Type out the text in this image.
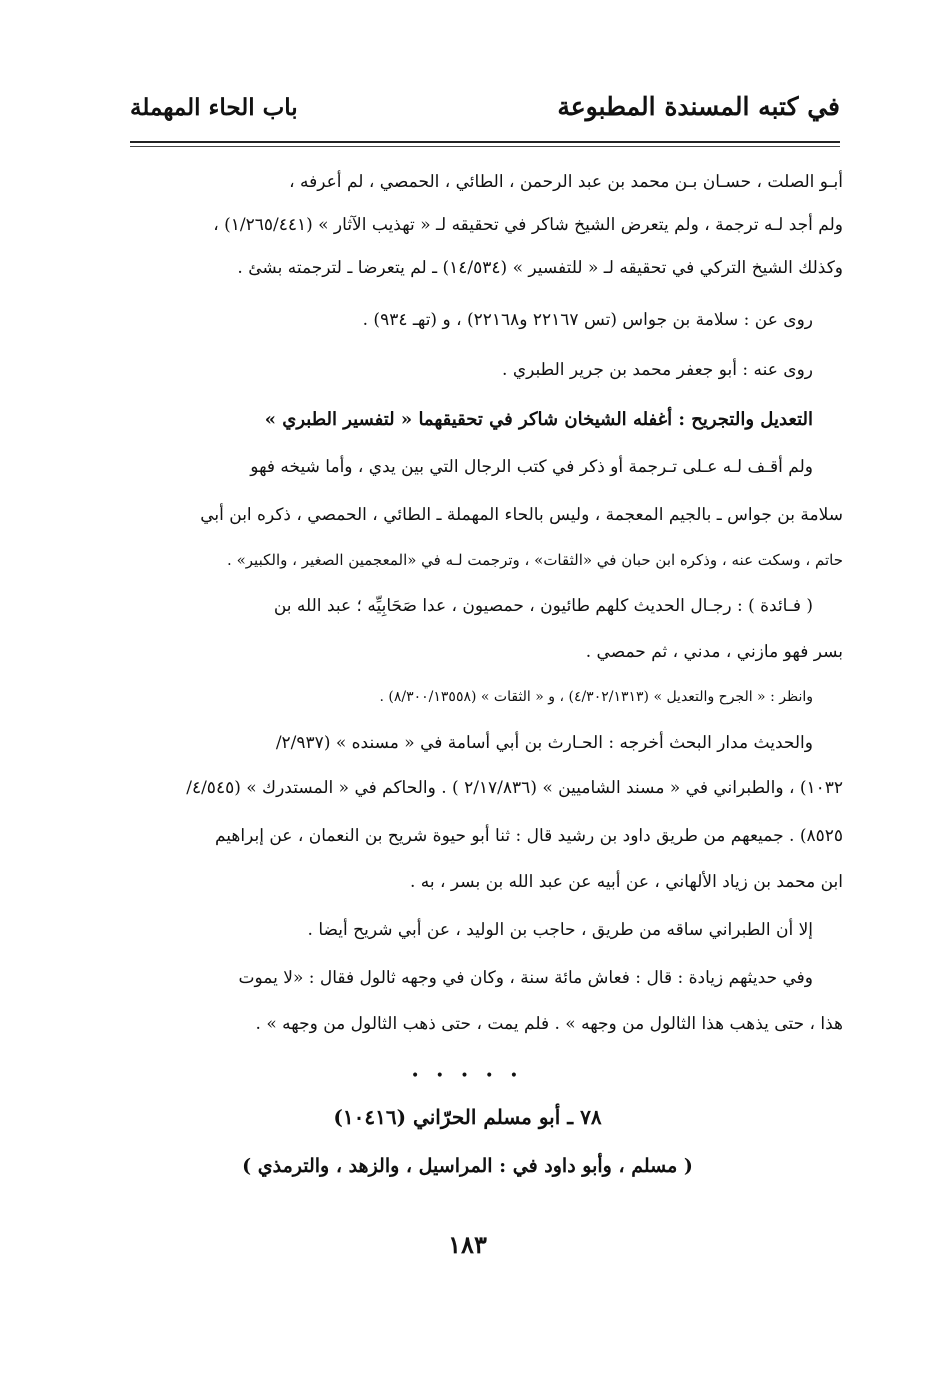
في كتبه المسندة المطبوعة
باب الحاء المهملة
أبـو الصلت ، حسـان بـن محمد بن عبد الرحمن ، الطائي ، الحمصي ، لم أعرفه ،
ولم أجد لـه ترجمة ، ولم يتعرض الشيخ شاكر في تحقيقه لـ « تهذيب الآثار » (١/٢٦٥/٤٤١) ،
وكذلك الشيخ التركي في تحقيقه لـ « للتفسير » (١٤/٥٣٤) ـ لم يتعرضا ـ لترجمته بشئ .
روى عن : سلامة بن جواس (تس ٢٢١٦٧ و٢٢١٦٨) ، و (تهـ ٩٣٤) .
روى عنه : أبو جعفر محمد بن جرير الطبري .
التعديل والتجريح : أغفله الشيخان شاكر في تحقيقهما « لتفسير الطبري »
ولم أقـف لـه عـلى تـرجمة أو ذكر في كتب الرجال التي بين يدي ، وأما شيخه فهو
سلامة بن جواس ـ بالجيم المعجمة ، وليس بالحاء المهملة ـ الطائي ، الحمصي ، ذكره ابن أبي
حاتم ، وسكت عنه ، وذكره ابن حبان في «الثقات» ، وترجمت لـه في «المعجمين الصغير ، والكبير» .
( فـائدة ) : رجـال الحديث كلهم طائيون ، حمصيون ، عدا صَحَابِيِّه ؛ عبد الله بن
بسر فهو مازني ، مدني ، ثم حمصي .
وانظر : « الجرح والتعديل » (٤/٣٠٢/١٣١٣) ، و « الثقات » (٨/٣٠٠/١٣٥٥٨) .
والحديث مدار البحث أخرجه : الحـارث بن أبي أسامة في « مسنده » (٢/٩٣٧/
١٠٣٢) ، والطبراني في « مسند الشاميين » (٢/١٧/٨٣٦ ) . والحاكم في « المستدرك » (٤/٥٤٥/
٨٥٢٥) . جميعهم من طريق داود بن رشيد قال : ثنا أبو حيوة شريح بن النعمان ، عن إبراهيم
ابن محمد بن زياد الألهاني ، عن أبيه عن عبد الله بن بسر ، به .
إلا أن الطبراني ساقه من طريق ، حاجب بن الوليد ، عن أبي شريح أيضا .
وفي حديثهم زيادة : قال : فعاش مائة سنة ، وكان في وجهه ثالول فقال : «لا يموت
هذا ، حتى يذهب هذا الثالول من وجهه » . فلم يمت ، حتى ذهب الثالول من وجهه » .
• • • • •
٧٨ ـ أبو مسلم الحرّاني (١٠٤١٦)
( مسلم ، وأبو داود في : المراسيل ، والزهد ، والترمذي )
١٨٣
